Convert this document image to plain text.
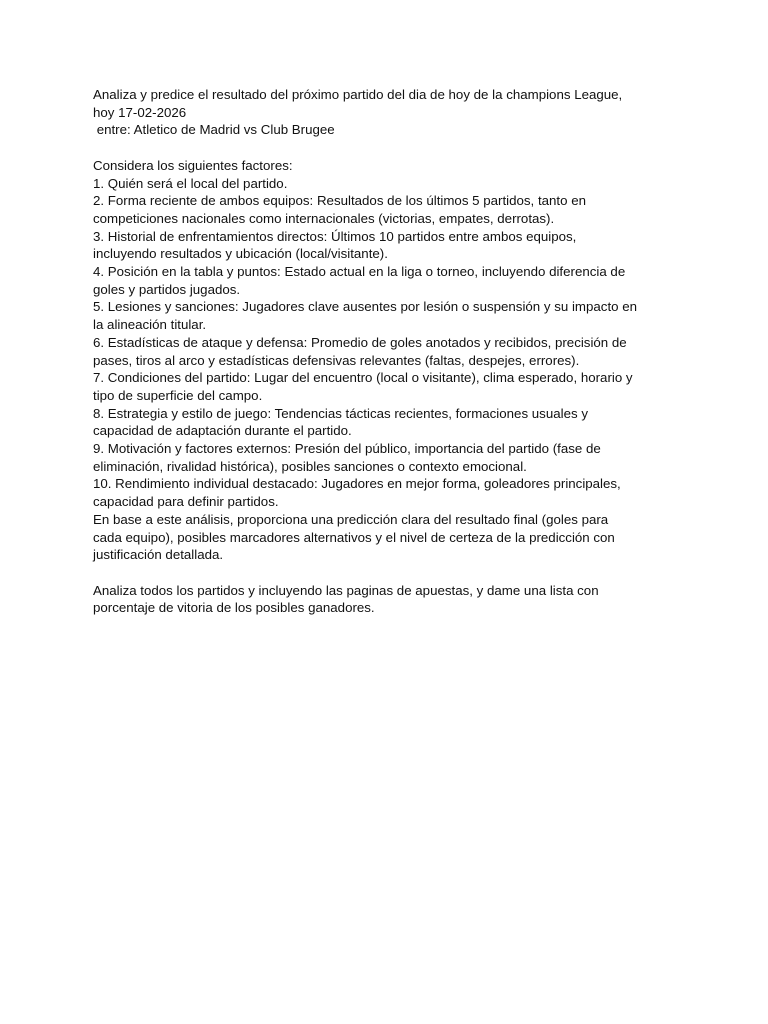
Analiza y predice el resultado del próximo partido del dia de hoy de la champions League,
hoy 17-02-2026
entre: Atletico de Madrid vs Club Brugee
Considera los siguientes factores:
1. Quién será el local del partido.
2. Forma reciente de ambos equipos: Resultados de los últimos 5 partidos, tanto en
competiciones nacionales como internacionales (victorias, empates, derrotas).
3. Historial de enfrentamientos directos: Últimos 10 partidos entre ambos equipos,
incluyendo resultados y ubicación (local/visitante).
4. Posición en la tabla y puntos: Estado actual en la liga o torneo, incluyendo diferencia de
goles y partidos jugados.
5. Lesiones y sanciones: Jugadores clave ausentes por lesión o suspensión y su impacto en
la alineación titular.
6. Estadísticas de ataque y defensa: Promedio de goles anotados y recibidos, precisión de
pases, tiros al arco y estadísticas defensivas relevantes (faltas, despejes, errores).
7. Condiciones del partido: Lugar del encuentro (local o visitante), clima esperado, horario y
tipo de superficie del campo.
8. Estrategia y estilo de juego: Tendencias tácticas recientes, formaciones usuales y
capacidad de adaptación durante el partido.
9. Motivación y factores externos: Presión del público, importancia del partido (fase de
eliminación, rivalidad histórica), posibles sanciones o contexto emocional.
10. Rendimiento individual destacado: Jugadores en mejor forma, goleadores principales,
capacidad para definir partidos.
En base a este análisis, proporciona una predicción clara del resultado final (goles para
cada equipo), posibles marcadores alternativos y el nivel de certeza de la predicción con
justificación detallada.
Analiza todos los partidos y incluyendo las paginas de apuestas, y dame una lista con
porcentaje de vitoria de los posibles ganadores.
